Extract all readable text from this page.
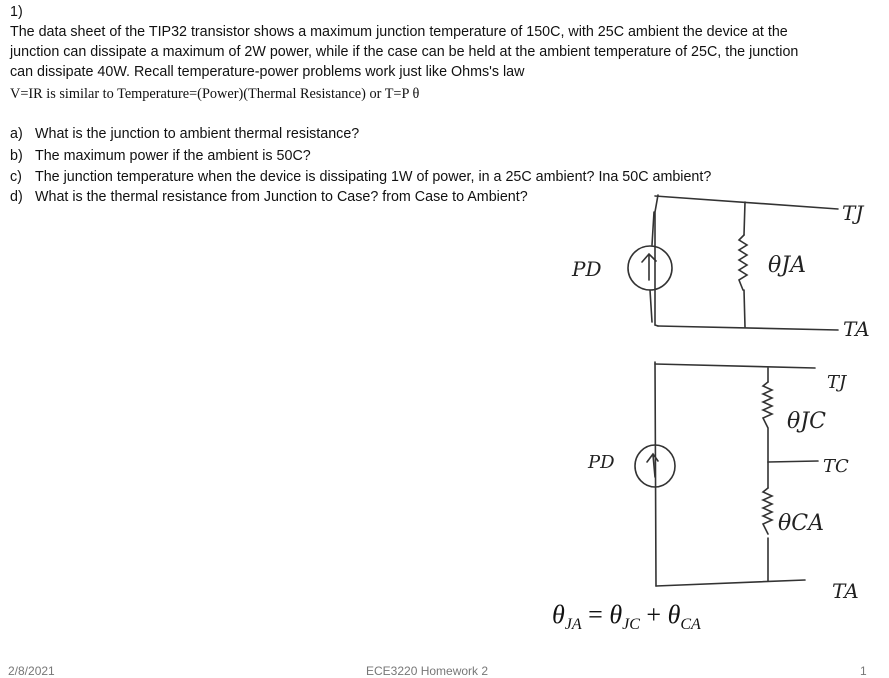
1)
The data sheet of the TIP32 transistor shows a maximum junction temperature of 150C, with 25C ambient the device at the
junction can dissipate a maximum of 2W power, while if the case can be held at the ambient temperature of 25C, the junction
can dissipate 40W. Recall temperature-power problems work just like Ohms's law
V=IR is similar to Temperature=(Power)(Thermal Resistance) or T=P θ
a) What is the junction to ambient thermal resistance?
b) The maximum power if the ambient is 50C?
c) The junction temperature when the device is dissipating 1W of power, in a 25C ambient? Ina 50C ambient?
d) What is the thermal resistance from Junction to Case? from Case to Ambient?
PD	θJA
TJ
TA
PD
TJ
θJC
TC
θCA
TA
$\theta_{JA} = \theta_{JC} + \theta_{CA}$
2/8/2021	ECE3220 Homework 2	1
